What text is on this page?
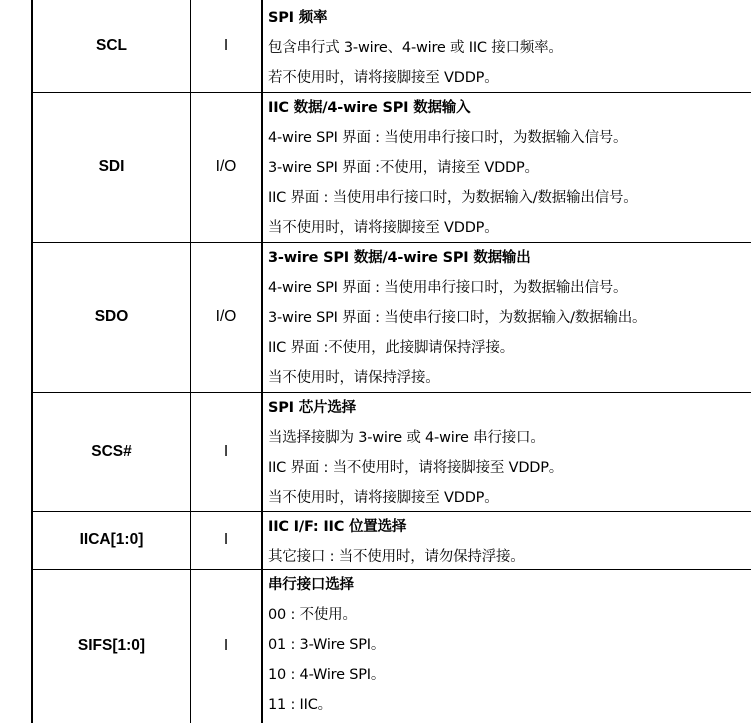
SCL	I
SPI 频率
包含串行式 3-wire、4-wire 或 IIC 接口频率。
若不使用时，请将接脚接至 VDDP。
SDI	I/O
IIC 数据/4-wire SPI 数据输入
4-wire SPI 界面 : 当使用串行接口时，为数据输入信号。
3-wire SPI 界面 :不使用，请接至 VDDP。
IIC 界面 : 当使用串行接口时，为数据输入/数据输出信号。
当不使用时，请将接脚接至 VDDP。
SDO	I/O
3-wire SPI 数据/4-wire SPI 数据输出
4-wire SPI 界面 : 当使用串行接口时，为数据输出信号。
3-wire SPI 界面 : 当使串行接口时，为数据输入/数据输出。
IIC 界面 :不使用，此接脚请保持浮接。
当不使用时，请保持浮接。
SCS#	I
SPI 芯片选择
当选择接脚为 3-wire 或 4-wire 串行接口。
IIC 界面 : 当不使用时，请将接脚接至 VDDP。
当不使用时，请将接脚接至 VDDP。
IICA[1:0]	I
IIC I/F: IIC 位置选择
其它接口 : 当不使用时，请勿保持浮接。
SIFS[1:0]	I
串行接口选择
00 : 不使用。
01 : 3-Wire SPI。
10 : 4-Wire SPI。
11 : IIC。
